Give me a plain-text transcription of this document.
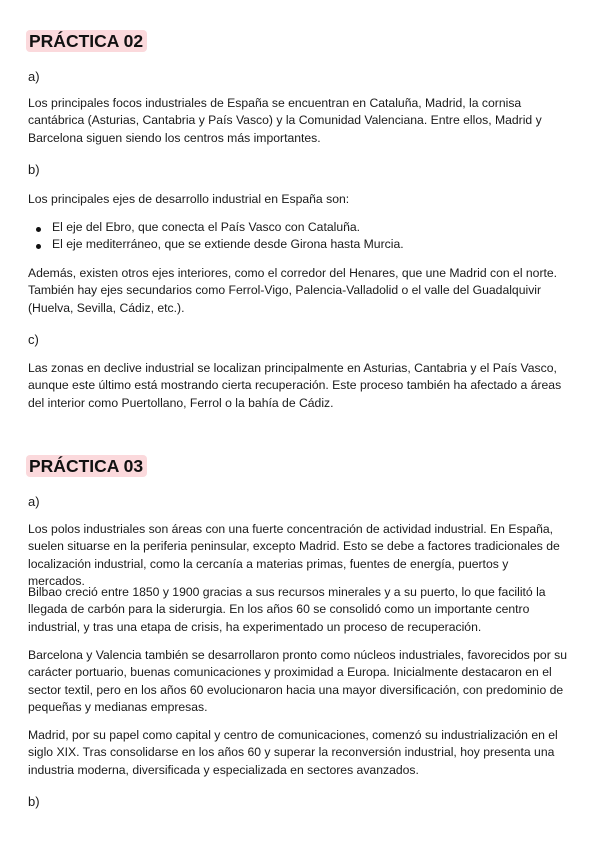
PRÁCTICA 02
a)

Los principales focos industriales de España se encuentran en Cataluña, Madrid, la cornisa cantábrica (Asturias, Cantabria y País Vasco) y la Comunidad Valenciana. Entre ellos, Madrid y Barcelona siguen siendo los centros más importantes.

b)

Los principales ejes de desarrollo industrial en España son:

El eje del Ebro, que conecta el País Vasco con Cataluña.
El eje mediterráneo, que se extiende desde Girona hasta Murcia.

Además, existen otros ejes interiores, como el corredor del Henares, que une Madrid con el norte. También hay ejes secundarios como Ferrol-Vigo, Palencia-Valladolid o el valle del Guadalquivir (Huelva, Sevilla, Cádiz, etc.).

c)

Las zonas en declive industrial se localizan principalmente en Asturias, Cantabria y el País Vasco, aunque este último está mostrando cierta recuperación. Este proceso también ha afectado a áreas del interior como Puertollano, Ferrol o la bahía de Cádiz.

PRÁCTICA 03
a)

Los polos industriales son áreas con una fuerte concentración de actividad industrial. En España, suelen situarse en la periferia peninsular, excepto Madrid. Esto se debe a factores tradicionales de localización industrial, como la cercanía a materias primas, fuentes de energía, puertos y mercados.

Bilbao creció entre 1850 y 1900 gracias a sus recursos minerales y a su puerto, lo que facilitó la llegada de carbón para la siderurgia. En los años 60 se consolidó como un importante centro industrial, y tras una etapa de crisis, ha experimentado un proceso de recuperación.

Barcelona y Valencia también se desarrollaron pronto como núcleos industriales, favorecidos por su carácter portuario, buenas comunicaciones y proximidad a Europa. Inicialmente destacaron en el sector textil, pero en los años 60 evolucionaron hacia una mayor diversificación, con predominio de pequeñas y medianas empresas.

Madrid, por su papel como capital y centro de comunicaciones, comenzó su industrialización en el siglo XIX. Tras consolidarse en los años 60 y superar la reconversión industrial, hoy presenta una industria moderna, diversificada y especializada en sectores avanzados.

b)
